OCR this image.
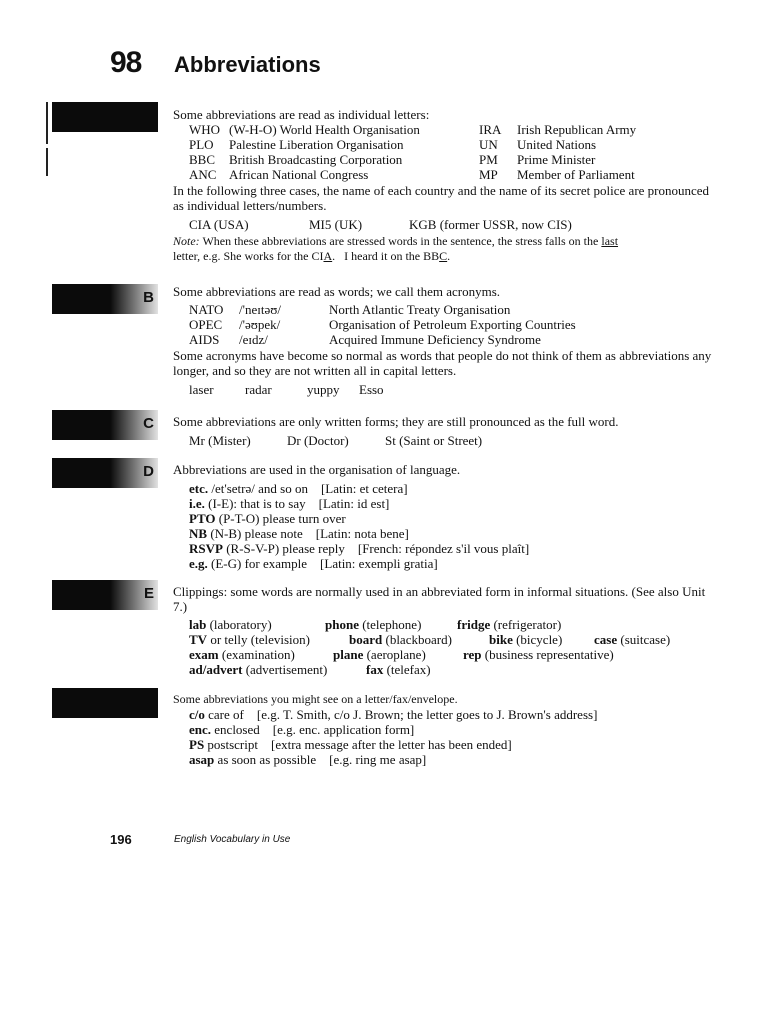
98 Abbreviations
B
C
D
E

Some abbreviations are read as individual letters:

WHO (W-H-O) World Health Organisation	IRA	Irish Republican Army
PLO	Palestine Liberation Organisation	UN	United Nations
BBC	British Broadcasting Corporation	PM	Prime Minister
ANC African National Congress	MP	Member of Parliament

In the following three cases, the name of each country and the name of its secret police are pronounced as individual letters/numbers.

CIA (USA)	MI5 (UK)	KGB (former USSR, now CIS)

Note: When these abbreviations are stressed words in the sentence, the stress falls on the last

letter, e.g. She works for the CIA.   I heard it on the BBC.

Some abbreviations are read as words; we call them acronyms.

NATO	/'neɪtəʊ/	North Atlantic Treaty Organisation
OPEC	/'əʊpek/	Organisation of Petroleum Exporting Countries
AIDS	/eɪdz/	Acquired Immune Deficiency Syndrome

Some acronyms have become so normal as words that people do not think of them as abbreviations any longer, and so they are not written all in capital letters.

laser	radar	yuppy	Esso

Some abbreviations are only written forms; they are still pronounced as the full word.

Mr (Mister)	Dr (Doctor)	St (Saint or Street)

Abbreviations are used in the organisation of language.

etc. /et'setrə/ and so on [Latin: et cetera]
i.e. (I-E): that is to say [Latin: id est]
PTO (P-T-O) please turn over
NB (N-B) please note [Latin: nota bene]
RSVP (R-S-V-P) please reply [French: répondez s'il vous plaît]
e.g. (E-G) for example [Latin: exempli gratia]

Clippings: some words are normally used in an abbreviated form in informal situations. (See also Unit 7.)

lab (laboratory)	phone (telephone)	fridge (refrigerator)
TV or telly (television)	board (blackboard)	bike (bicycle)	case (suitcase)
exam (examination)	plane (aeroplane)	rep (business representative)
ad/advert (advertisement)	fax (telefax)

Some abbreviations you might see on a letter/fax/envelope.

c/o care of [e.g. T. Smith, c/o J. Brown; the letter goes to J. Brown's address]
enc. enclosed [e.g. enc. application form]
PS postscript [extra message after the letter has been ended]
asap as soon as possible [e.g. ring me asap]
196	English Vocabulary in Use
